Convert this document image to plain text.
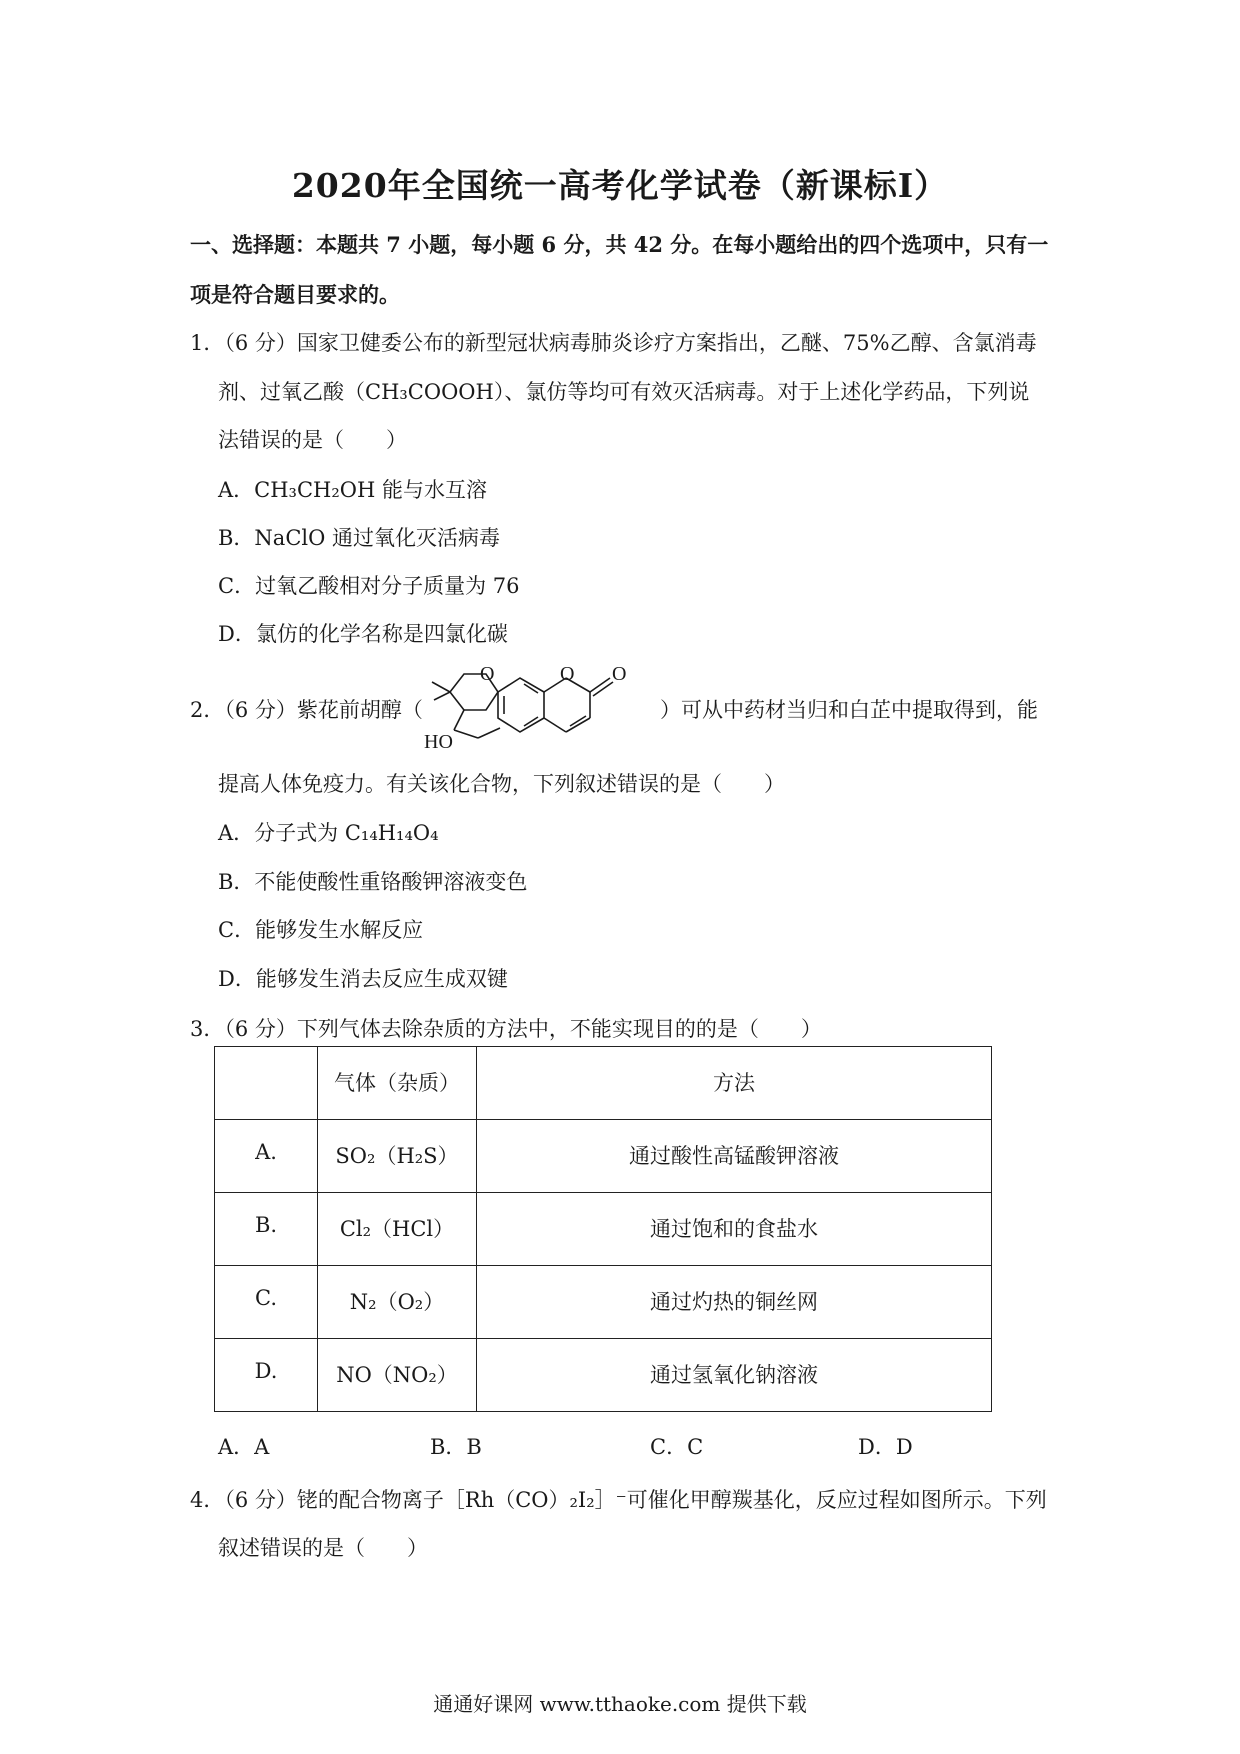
2020年全国统一高考化学试卷（新课标Ⅰ）
一、选择题：本题共 7 小题，每小题 6 分，共 42 分。在每小题给出的四个选项中，只有一
项是符合题目要求的。
1．（6 分）国家卫健委公布的新型冠状病毒肺炎诊疗方案指出，乙醚、75%乙醇、含氯消毒
剂、过氧乙酸（CH₃COOOH）、氯仿等均可有效灭活病毒。对于上述化学药品，下列说
法错误的是（　　）
A．CH₃CH₂OH 能与水互溶
B．NaClO 通过氧化灭活病毒
C．过氧乙酸相对分子质量为 76
D．氯仿的化学名称是四氯化碳
2．（6 分）紫花前胡醇（
O	O O
HO
）可从中药材当归和白芷中提取得到，能
提高人体免疫力。有关该化合物，下列叙述错误的是（　　）
A．分子式为 C₁₄H₁₄O₄
B．不能使酸性重铬酸钾溶液变色
C．能够发生水解反应
D．能够发生消去反应生成双键
3．（6 分）下列气体去除杂质的方法中，不能实现目的的是（　　）
	气体（杂质）	方法
A.	SO₂（H₂S）	通过酸性高锰酸钾溶液
B.	Cl₂（HCl）	通过饱和的食盐水
C.	N₂（O₂）	通过灼热的铜丝网
D.	NO（NO₂）	通过氢氧化钠溶液
A．A	B．B	C．C	D．D
4．（6 分）铑的配合物离子［Rh（CO）₂I₂］⁻可催化甲醇羰基化，反应过程如图所示。下列
叙述错误的是（　　）
通通好课网 www.tthaoke.com 提供下载
